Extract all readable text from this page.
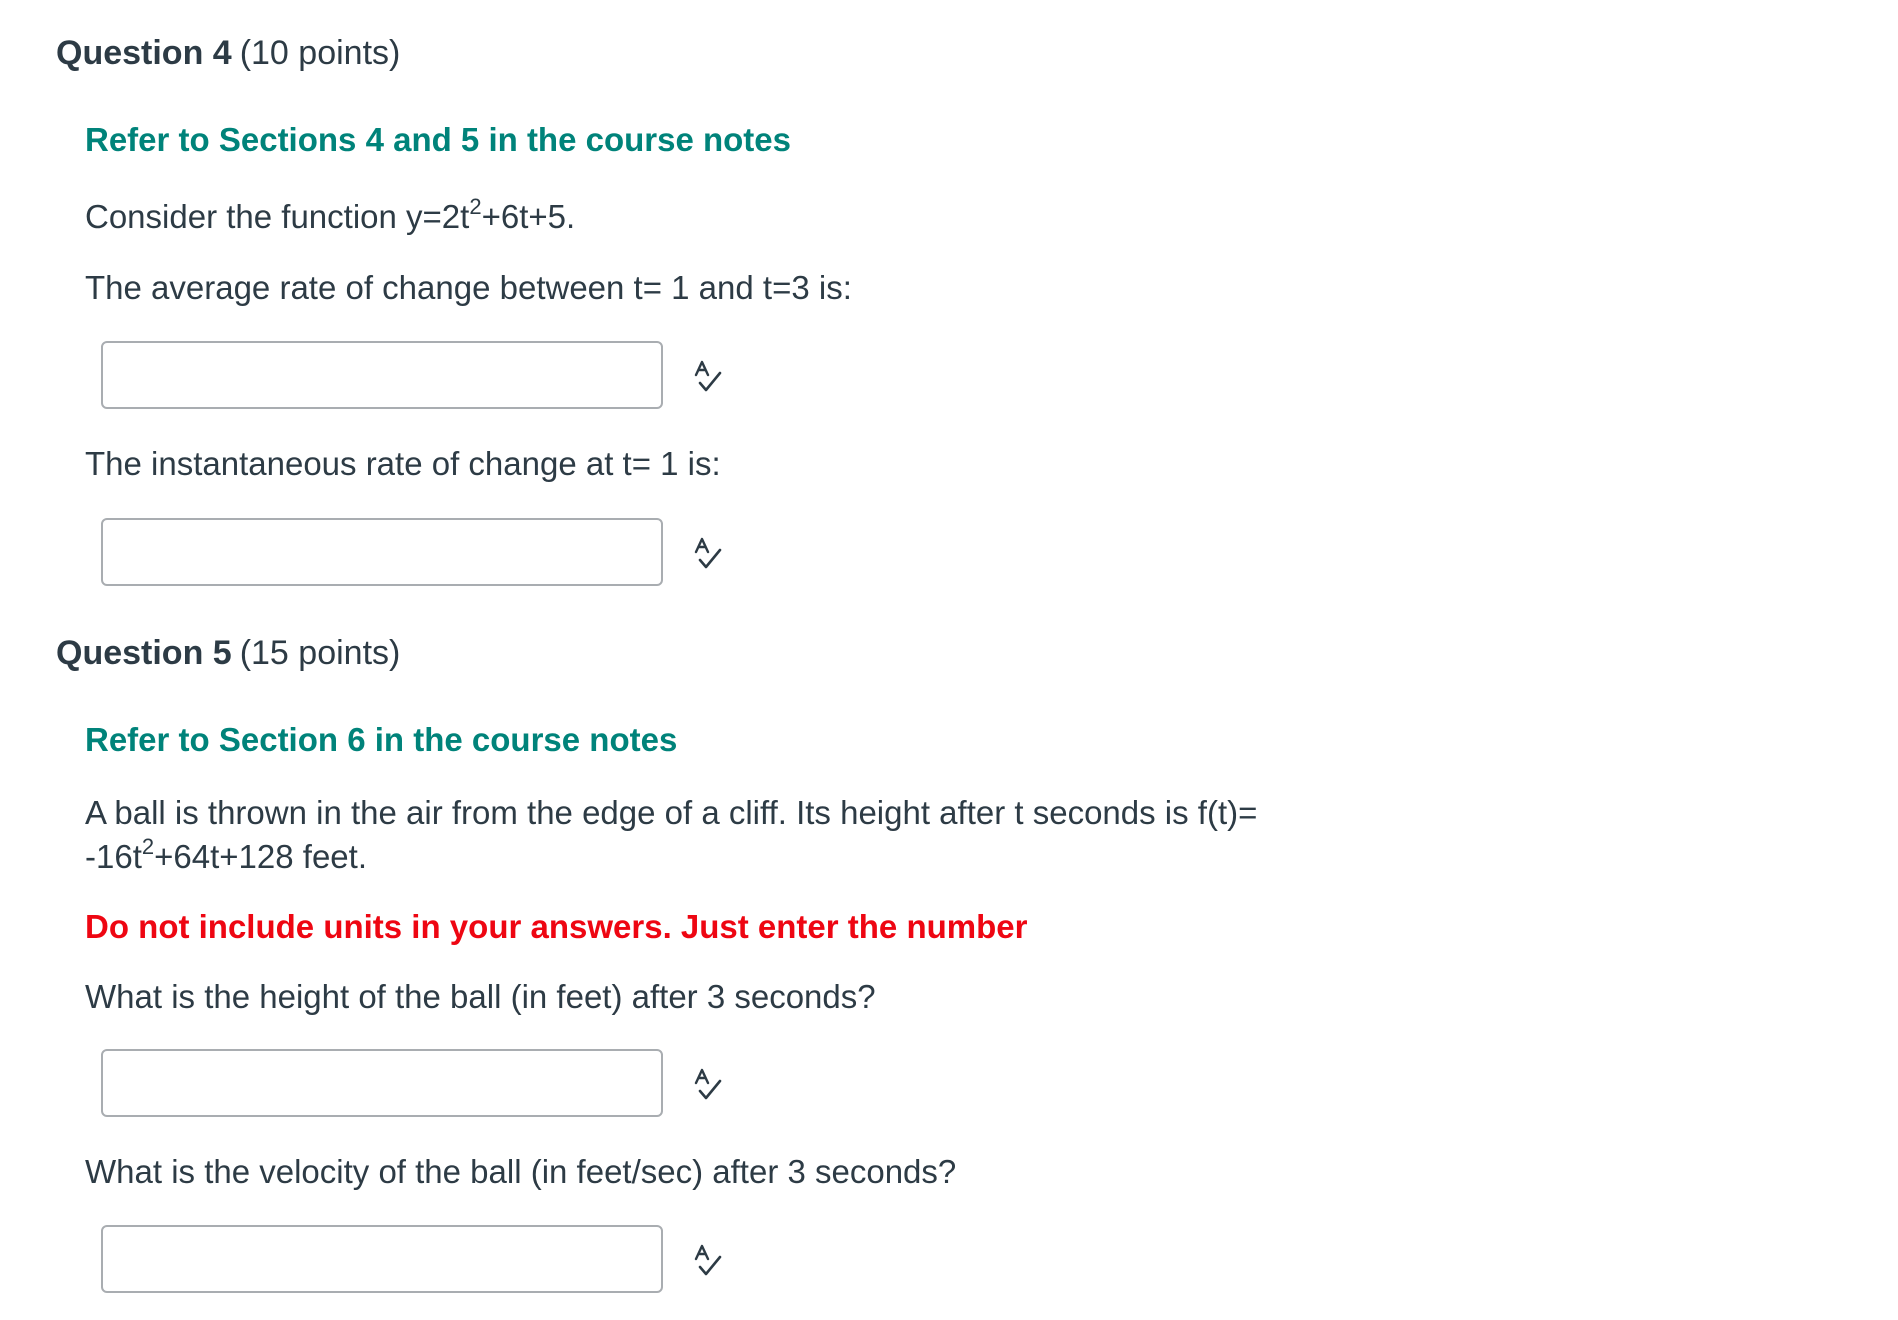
Question 4 (10 points)
Refer to Sections 4 and 5 in the course notes
Consider the function $y=2t^2+6t+5$.
The average rate of change between t= 1 and t=3 is:
The instantaneous rate of change at t= 1 is:
Question 5 (15 points)
Refer to Section 6 in the course notes
A ball is thrown in the air from the edge of a cliff. Its height after t seconds is f(t)=
$-16t^2+64t+128$ feet.
Do not include units in your answers. Just enter the number
What is the height of the ball (in feet) after 3 seconds?
What is the velocity of the ball (in feet/sec) after 3 seconds?
